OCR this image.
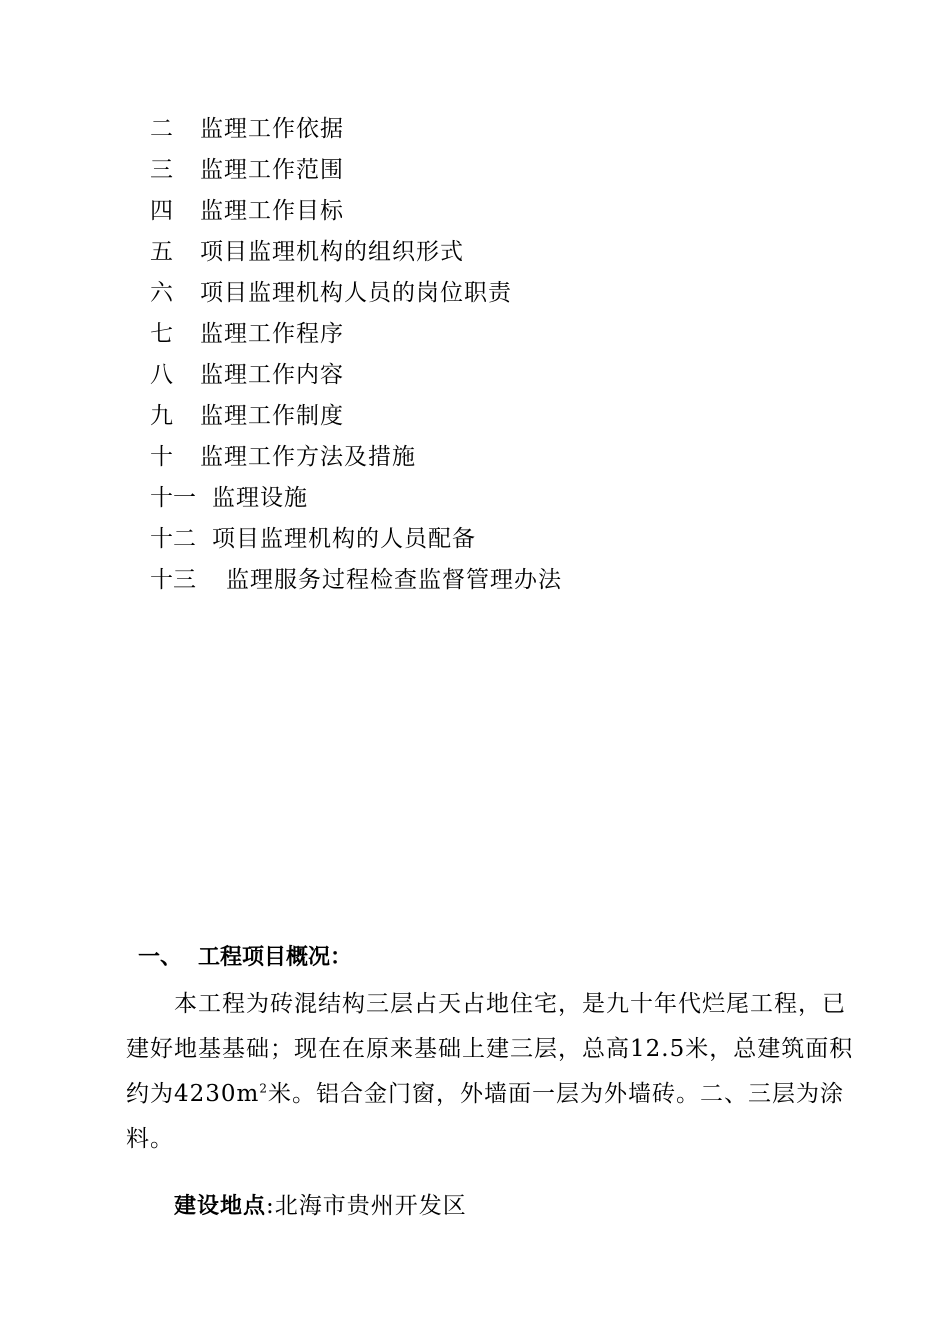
二 监理工作依据
三 监理工作范围
四 监理工作目标
五 项目监理机构的组织形式
六 项目监理机构人员的岗位职责
七 监理工作程序
八 监理工作内容
九 监理工作制度
十 监理工作方法及措施
十一 监理设施
十二 项目监理机构的人员配备
十三 监理服务过程检查监督管理办法
一、 工程项目概况：

本工程为砖混结构三层占天占地住宅，是九十年代烂尾工程，已建好地基基础；现在在原来基础上建三层，总高12.5米，总建筑面积约为$4230m^2$米。铝合金门窗，外墙面一层为外墙砖。二、三层为涂料。

建设地点:北海市贵州开发区
